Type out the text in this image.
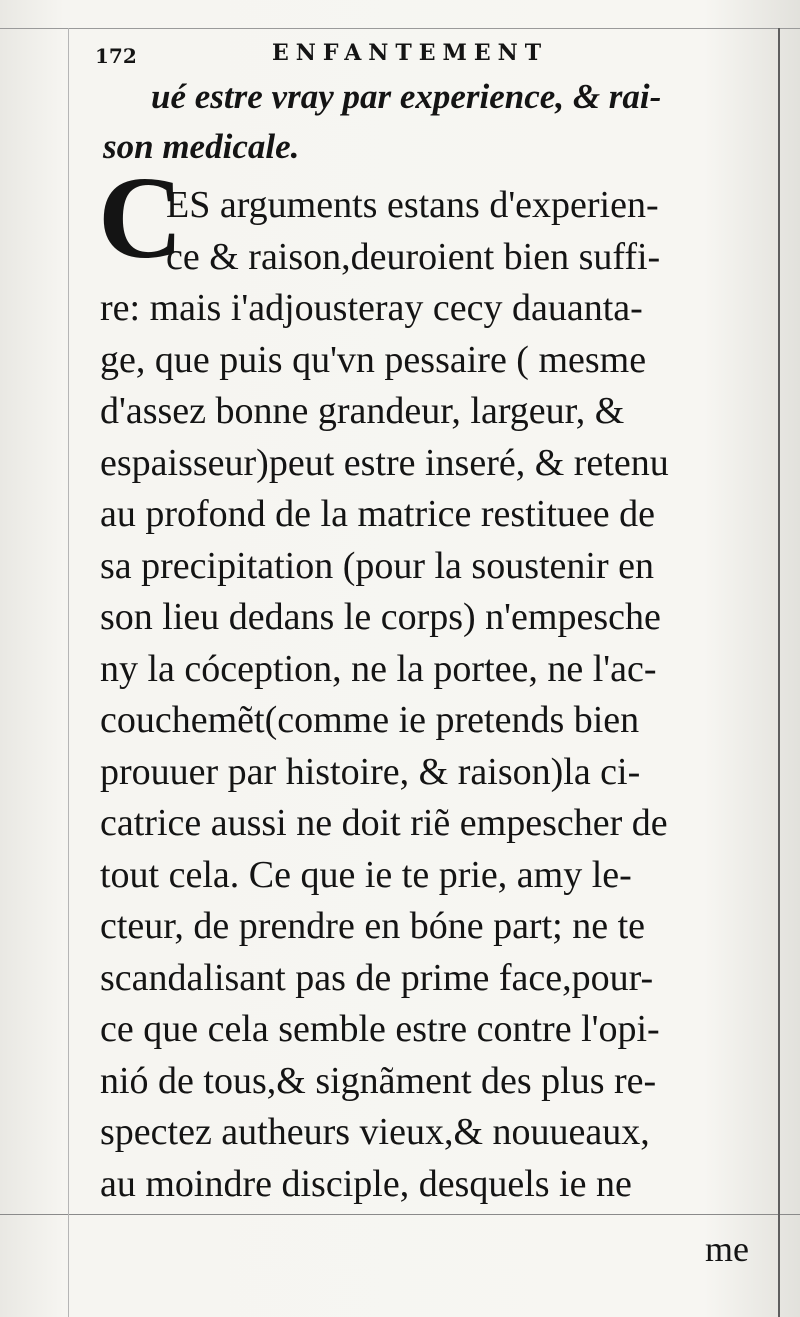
172	ENFANTEMENT
ué estre vray par experience, & rai-
son medicale.
C
ES arguments estans d'experien-
ce & raison,deuroient bien suffi-
re: mais i'adjousteray cecy dauanta-
ge, que puis qu'vn pessaire ( mesme
d'assez bonne grandeur, largeur, &
espaisseur)peut estre inseré, & retenu
au profond de la matrice restituee de
sa precipitation (pour la soustenir en
son lieu dedans le corps) n'empesche
ny la cóception, ne la portee, ne l'ac-
couchemẽt(comme ie pretends bien
prouuer par histoire, & raison)la ci-
catrice aussi ne doit riẽ empescher de
tout cela. Ce que ie te prie, amy le-
cteur, de prendre en bóne part; ne te
scandalisant pas de prime face,pour-
ce que cela semble estre contre l'opi-
nió de tous,& signãment des plus re-
spectez autheurs vieux,& nouueaux,
au moindre disciple, desquels ie ne
me
